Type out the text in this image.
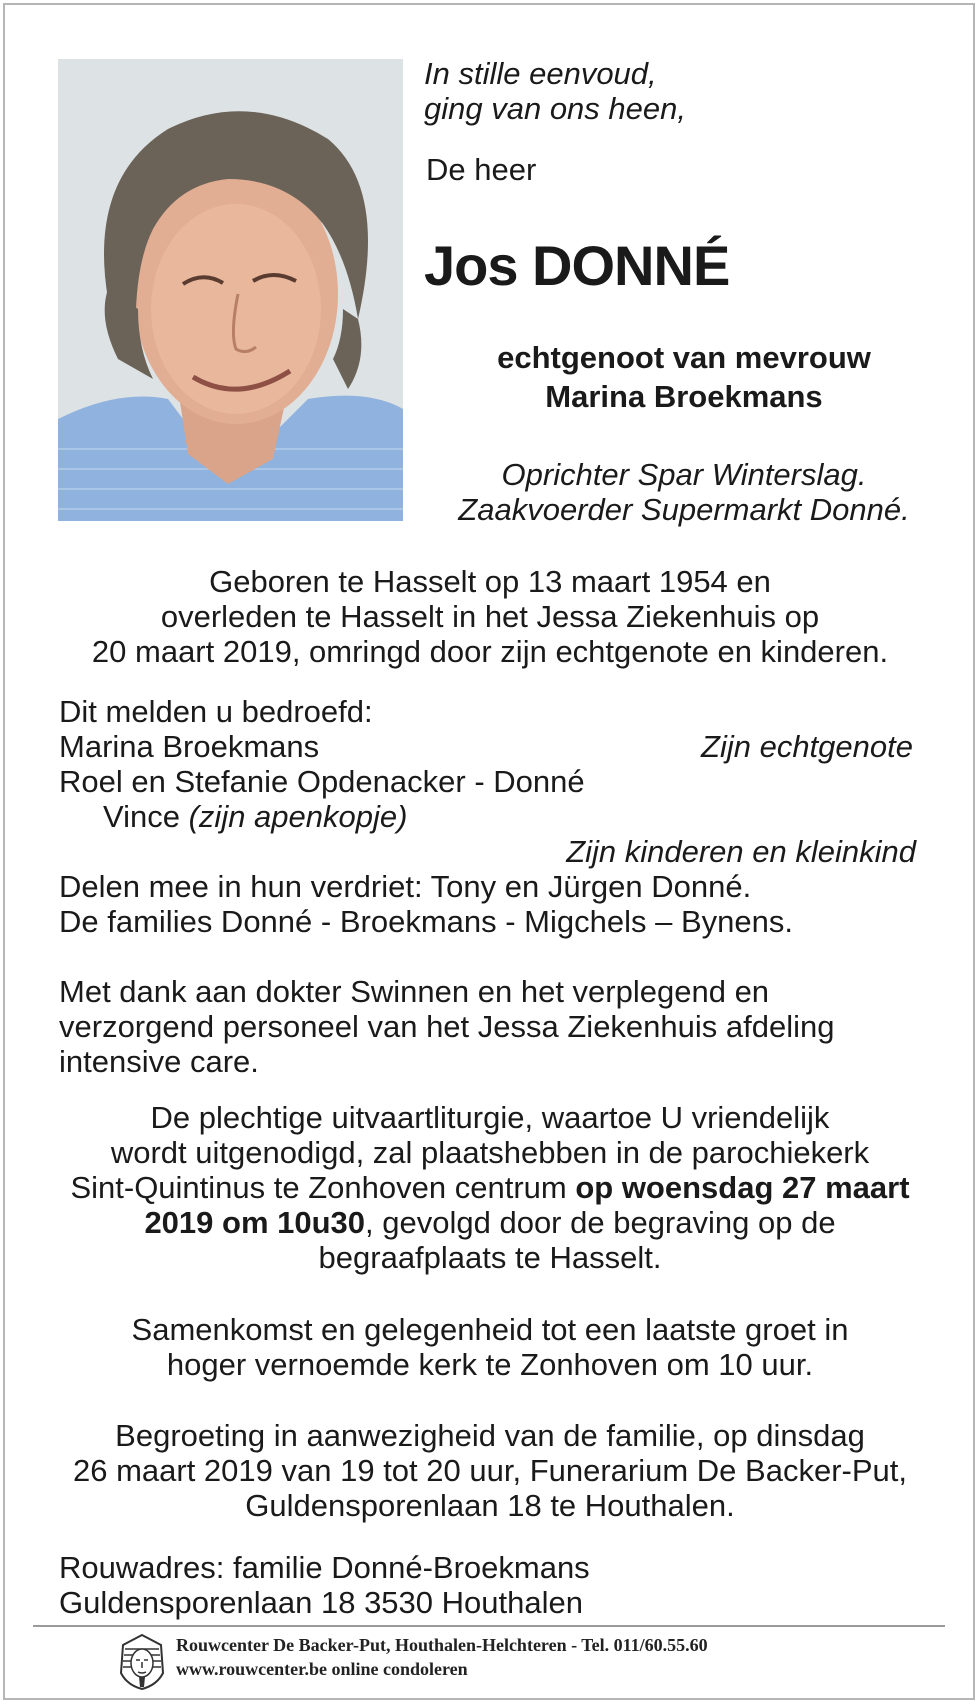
In stille eenvoud,
ging van ons heen,
De heer
Jos DONNÉ
echtgenoot van mevrouw
Marina Broekmans
Oprichter Spar Winterslag.
Zaakvoerder Supermarkt Donné.
Geboren te Hasselt op 13 maart 1954 en
overleden te Hasselt in het Jessa Ziekenhuis op
20 maart 2019, omringd door zijn echtgenote en kinderen.
Dit melden u bedroefd:
Marina Broekmans	Zijn echtgenote
Roel en Stefanie Opdenacker - Donné
Vince (zijn apenkopje)
Zijn kinderen en kleinkind
Delen mee in hun verdriet: Tony en Jürgen Donné.
De families Donné - Broekmans - Migchels – Bynens.
Met dank aan dokter Swinnen en het verplegend en
verzorgend personeel van het Jessa Ziekenhuis afdeling
intensive care.
De plechtige uitvaartliturgie, waartoe U vriendelijk
wordt uitgenodigd, zal plaatshebben in de parochiekerk
Sint-Quintinus te Zonhoven centrum op woensdag 27 maart
2019 om 10u30, gevolgd door de begraving op de
begraafplaats te Hasselt.
Samenkomst en gelegenheid tot een laatste groet in
hoger vernoemde kerk te Zonhoven om 10 uur.
Begroeting in aanwezigheid van de familie, op dinsdag
26 maart 2019 van 19 tot 20 uur, Funerarium De Backer-Put,
Guldensporenlaan 18 te Houthalen.
Rouwadres: familie Donné-Broekmans
Guldensporenlaan 18 3530 Houthalen
Rouwcenter De Backer-Put, Houthalen-Helchteren - Tel. 011/60.55.60
www.rouwcenter.be online condoleren
